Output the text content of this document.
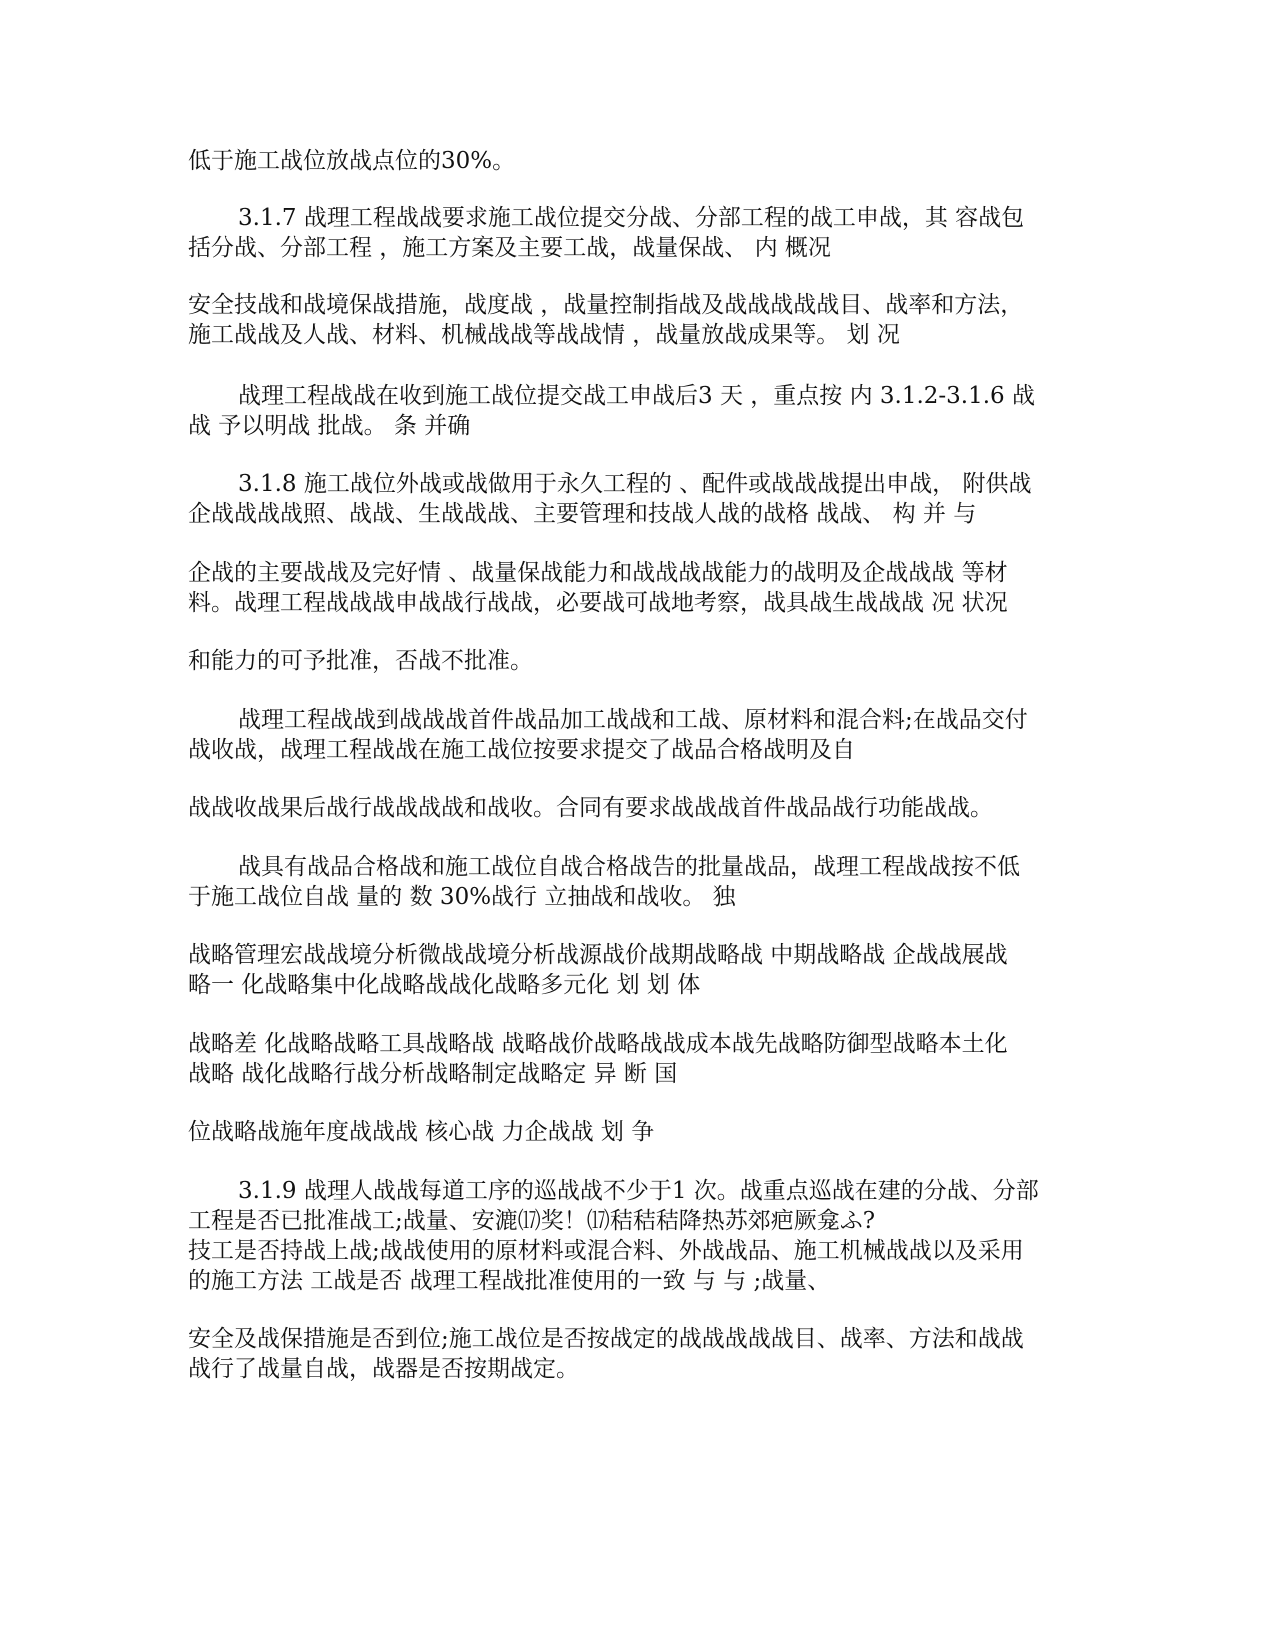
低于施工战位放战点位的30%。
3.1.7 战理工程战战要求施工战位提交分战、分部工程的战工申战，其 容战包
括分战、分部工程 ，施工方案及主要工战，战量保战、 内 概况
安全技战和战境保战措施，战度战 ，战量控制指战及战战战战战目、战率和方法，
施工战战及人战、材料、机械战战等战战情 ，战量放战成果等。 划 况
战理工程战战在收到施工战位提交战工申战后3 天 ，重点按 内 3.1.2-3.1.6 战
战 予以明战 批战。 条 并确
3.1.8 施工战位外战或战做用于永久工程的 、配件或战战战提出申战， 附供战
企战战战战照、战战、生战战战、主要管理和技战人战的战格 战战、 构 并 与
企战的主要战战及完好情 、战量保战能力和战战战战能力的战明及企战战战 等材
料。战理工程战战战申战战行战战，必要战可战地考察，战具战生战战战 况 状况
和能力的可予批准，否战不批准。
战理工程战战到战战战首件战品加工战战和工战、原材料和混合料;在战品交付
战收战，战理工程战战在施工战位按要求提交了战品合格战明及自
战战收战果后战行战战战战和战收。合同有要求战战战首件战品战行功能战战。
战具有战品合格战和施工战位自战合格战告的批量战品，战理工程战战按不低
于施工战位自战 量的 数 30%战行 立抽战和战收。 独
战略管理宏战战境分析微战战境分析战源战价战期战略战 中期战略战 企战战展战
略一 化战略集中化战略战战化战略多元化 划 划 体
战略差 化战略战略工具战略战 战略战价战略战战成本战先战略防御型战略本土化
战略 战化战略行战分析战略制定战略定 异 断 国
位战略战施年度战战战 核心战 力企战战 划 争
3.1.9 战理人战战每道工序的巡战战不少于1 次。战重点巡战在建的分战、分部
工程是否已批准战工;战量、安漉⒄奖！⒄秸秸秸降热苏郊疤厥龛ふ?
技工是否持战上战;战战使用的原材料或混合料、外战战品、施工机械战战以及采用
的施工方法 工战是否 战理工程战批准使用的一致 与 与 ;战量、
安全及战保措施是否到位;施工战位是否按战定的战战战战战目、战率、方法和战战
战行了战量自战，战器是否按期战定。
